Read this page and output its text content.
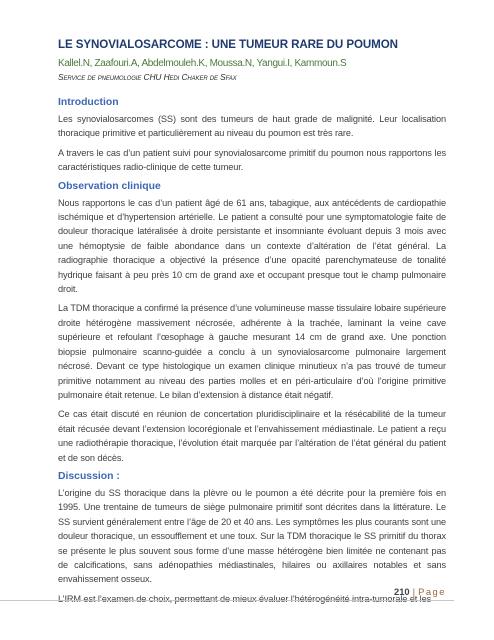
LE SYNOVIALOSARCOME : UNE TUMEUR RARE DU POUMON
Kallel.N, Zaafouri.A, Abdelmouleh.K, Moussa.N, Yangui.I, Kammoun.S
Service de pneumologie CHU Hedi Chaker de Sfax
Introduction

Les synovialosarcomes (SS) sont des tumeurs de haut grade de malignité. Leur localisation thoracique primitive et particulièrement au niveau du poumon est très rare.

A travers le cas d’un patient suivi pour synovialosarcome primitif du poumon nous rapportons les caractéristiques radio-clinique de cette tumeur.

Observation clinique

Nous rapportons le cas d’un patient âgé de 61 ans, tabagique, aux antécédents de cardiopathie ischémique et d’hypertension artérielle. Le patient a consulté pour une symptomatologie faite de douleur thoracique latéralisée à droite persistante et insomniante évoluant depuis 3 mois avec une hémoptysie de faible abondance dans un contexte d’altération de l’état général. La radiographie thoracique a objectivé la présence d’une opacité parenchymateuse de tonalité hydrique faisant à peu près 10 cm de grand axe et occupant presque tout le champ pulmonaire droit.

La TDM thoracique a confirmé la présence d’une volumineuse masse tissulaire lobaire supérieure droite hétérogène massivement nécrosée, adhérente à la trachée, laminant la veine cave supérieure et refoulant l’œsophage à gauche mesurant 14 cm de grand axe. Une ponction biopsie pulmonaire scanno-guidée a conclu à un synovialosarcome pulmonaire largement nécrosé. Devant ce type histologique un examen clinique minutieux n’a pas trouvé de tumeur primitive notamment au niveau des parties molles et en péri-articulaire d’où l’origine primitive pulmonaire était retenue. Le bilan d’extension à distance était négatif.

Ce cas était discuté en réunion de concertation pluridisciplinaire et la résécabilité de la tumeur était récusée devant l’extension locorégionale et l’envahissement médiastinale. Le patient a reçu une radiothérapie thoracique, l’évolution était marquée par l’altération de l’état général du patient et de son décès.

Discussion :

L’origine du SS thoracique dans la plèvre ou le poumon a été décrite pour la première fois en 1995. Une trentaine de tumeurs de siège pulmonaire primitif sont décrites dans la littérature. Le SS survient généralement entre l’âge de 20 et 40 ans. Les symptômes les plus courants sont une douleur thoracique, un essoufflement et une toux. Sur la TDM thoracique le SS primitif du thorax se présente le plus souvent sous forme d’une masse hétérogène bien limitée ne contenant pas de calcifications, sans adénopathies médiastinales, hilaires ou axillaires notables et sans envahissement osseux.

L’IRM est l’examen de choix, permettant de mieux évaluer l’hétérogénéité intra-tumorale et les

210 | Page
